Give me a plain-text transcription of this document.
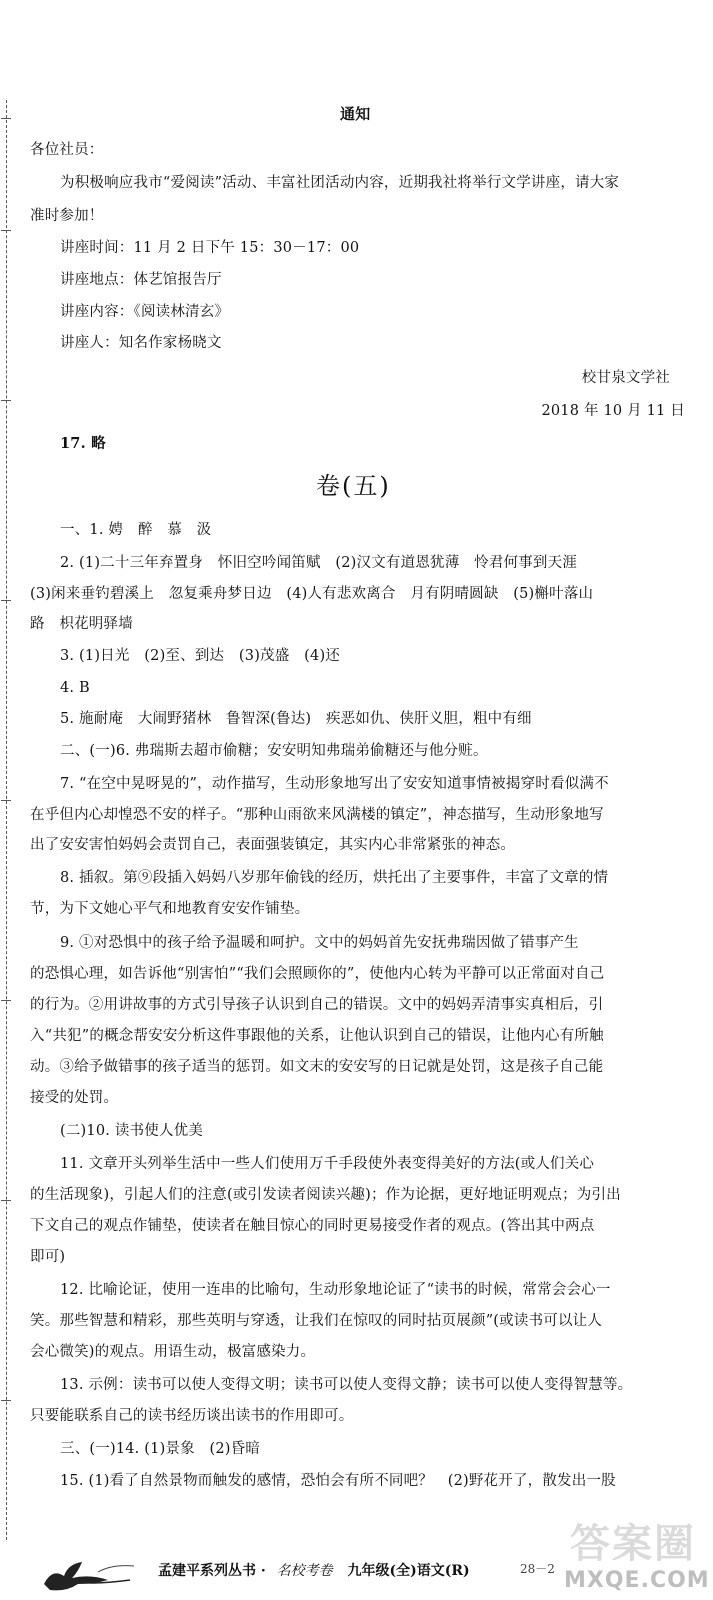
通知
各位社员：
为积极响应我市“爱阅读”活动、丰富社团活动内容，近期我社将举行文学讲座，请大家
准时参加！
讲座时间：11 月 2 日下午 15：30－17：00
讲座地点：体艺馆报告厅
讲座内容：《阅读林清玄》
讲座人：知名作家杨晓文
校甘泉文学社
2018 年 10 月 11 日
17. 略
卷(五)
一、1. 娉　醉　慕　汲
2. (1)二十三年弃置身　怀旧空吟闻笛赋　(2)汉文有道恩犹薄　怜君何事到天涯
(3)闲来垂钓碧溪上　忽复乘舟梦日边　(4)人有悲欢离合　月有阴晴圆缺　(5)槲叶落山
路　枳花明驿墙
3. (1)日光　(2)至、到达　(3)茂盛　(4)还
4. B
5. 施耐庵　大闹野猪林　鲁智深(鲁达)　疾恶如仇、侠肝义胆，粗中有细
二、(一)6. 弗瑞斯去超市偷糖；安安明知弗瑞弟偷糖还与他分赃。
7. “在空中晃呀晃的”，动作描写，生动形象地写出了安安知道事情被揭穿时看似满不
在乎但内心却惶恐不安的样子。“那种山雨欲来风满楼的镇定”，神态描写，生动形象地写
出了安安害怕妈妈会责罚自己，表面强装镇定，其实内心非常紧张的神态。
8. 插叙。第⑨段插入妈妈八岁那年偷钱的经历，烘托出了主要事件，丰富了文章的情
节，为下文她心平气和地教育安安作铺垫。
9. ①对恐惧中的孩子给予温暖和呵护。文中的妈妈首先安抚弗瑞因做了错事产生
的恐惧心理，如告诉他“别害怕”“我们会照顾你的”，使他内心转为平静可以正常面对自己
的行为。②用讲故事的方式引导孩子认识到自己的错误。文中的妈妈弄清事实真相后，引
入“共犯”的概念帮安安分析这件事跟他的关系，让他认识到自己的错误，让他内心有所触
动。③给予做错事的孩子适当的惩罚。如文末的安安写的日记就是处罚，这是孩子自己能
接受的处罚。
(二)10. 读书使人优美
11. 文章开头列举生活中一些人们使用万千手段使外表变得美好的方法(或人们关心
的生活现象)，引起人们的注意(或引发读者阅读兴趣)；作为论据，更好地证明观点；为引出
下文自己的观点作铺垫，使读者在触目惊心的同时更易接受作者的观点。(答出其中两点
即可)
12. 比喻论证，使用一连串的比喻句，生动形象地论证了“读书的时候，常常会会心一
笑。那些智慧和精彩，那些英明与穿透，让我们在惊叹的同时拈页展颜”(或读书可以让人
会心微笑)的观点。用语生动，极富感染力。
13. 示例：读书可以使人变得文明；读书可以使人变得文静；读书可以使人变得智慧等。
只要能联系自己的读书经历谈出读书的作用即可。
三、(一)14. (1)景象　(2)昏暗
15. (1)看了自然景物而触发的感情，恐怕会有所不同吧？　(2)野花开了，散发出一股
孟建平系列丛书 · 名校考卷 九年级(全)语文(R)	28－2
答案圈
MXQE.COM
